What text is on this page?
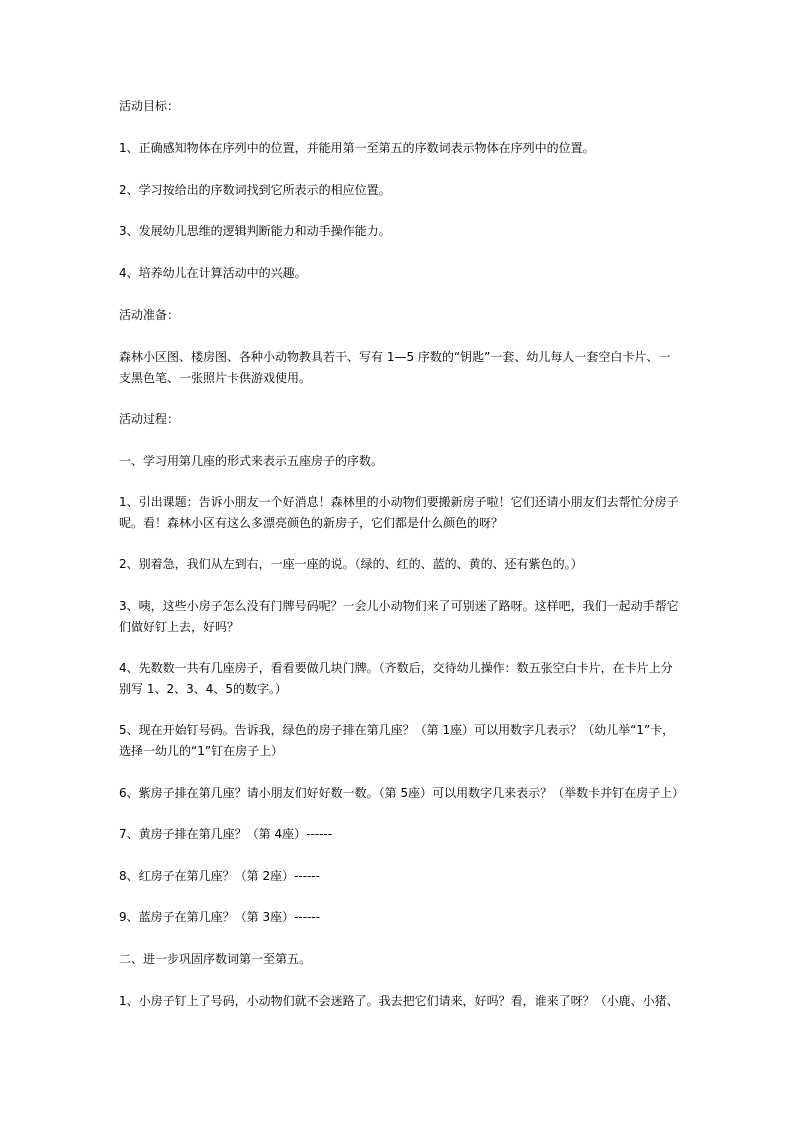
活动目标：

1、正确感知物体在序列中的位置，并能用第一至第五的序数词表示物体在序列中的位置。

2、学习按给出的序数词找到它所表示的相应位置。

3、发展幼儿思维的逻辑判断能力和动手操作能力。

4、培养幼儿在计算活动中的兴趣。

活动准备：

森林小区图、楼房图、各种小动物教具若干、写有 1—5 序数的“钥匙”一套、幼儿每人一套空白卡片、一支黑色笔、一张照片卡供游戏使用。

活动过程：

一、学习用第几座的形式来表示五座房子的序数。

1、引出课题：告诉小朋友一个好消息！森林里的小动物们要搬新房子啦！它们还请小朋友们去帮忙分房子呢。看！森林小区有这么多漂亮颜色的新房子，它们都是什么颜色的呀？

2、别着急，我们从左到右，一座一座的说。（绿的、红的、蓝的、黄的、还有紫色的。）

3、咦，这些小房子怎么没有门牌号码呢？一会儿小动物们来了可别迷了路呀。这样吧，我们一起动手帮它们做好钉上去，好吗？

4、先数数一共有几座房子，看看要做几块门牌。（齐数后，交待幼儿操作：数五张空白卡片，在卡片上分别写 1、2、3、4、5的数字。）

5、现在开始钉号码。告诉我，绿色的房子排在第几座？（第 1座）可以用数字几表示？（幼儿举“1”卡，选择一幼儿的“1”钉在房子上）

6、紫房子排在第几座？请小朋友们好好数一数。（第 5座）可以用数字几来表示？（举数卡并钉在房子上）

7、黄房子排在第几座？（第 4座）------

8、红房子在第几座？（第 2座）------

9、蓝房子在第几座？（第 3座）------

二、进一步巩固序数词第一至第五。

1、小房子钉上了号码，小动物们就不会迷路了。我去把它们请来，好吗？看，谁来了呀？（小鹿、小猪、
